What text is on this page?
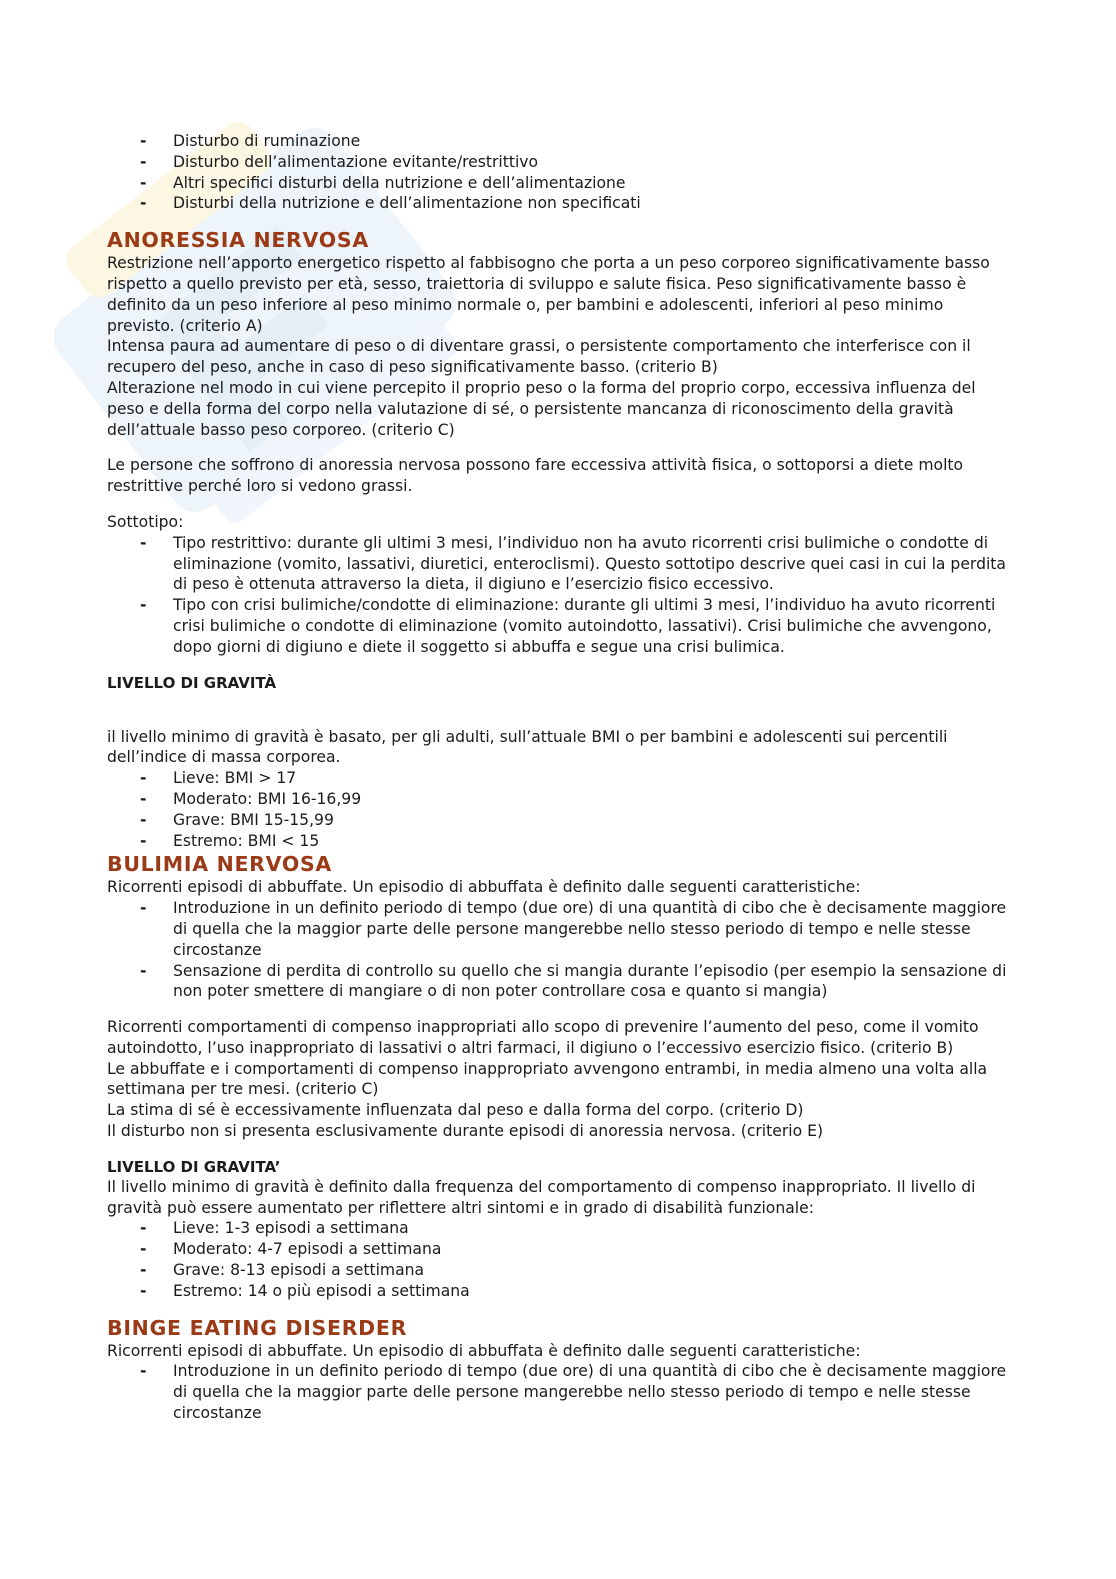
- Disturbo di ruminazione
- Disturbo dell’alimentazione evitante/restrittivo
- Altri specifici disturbi della nutrizione e dell’alimentazione
- Disturbi della nutrizione e dell’alimentazione non specificati
ANORESSIA NERVOSA

Restrizione nell’apporto energetico rispetto al fabbisogno che porta a un peso corporeo significativamente basso rispetto a quello previsto per età, sesso, traiettoria di sviluppo e salute fisica. Peso significativamente basso è definito da un peso inferiore al peso minimo normale o, per bambini e adolescenti, inferiori al peso minimo previsto. (criterio A)

Intensa paura ad aumentare di peso o di diventare grassi, o persistente comportamento che interferisce con il recupero del peso, anche in caso di peso significativamente basso. (criterio B)

Alterazione nel modo in cui viene percepito il proprio peso o la forma del proprio corpo, eccessiva influenza del peso e della forma del corpo nella valutazione di sé, o persistente mancanza di riconoscimento della gravità dell’attuale basso peso corporeo. (criterio C)

Le persone che soffrono di anoressia nervosa possono fare eccessiva attività fisica, o sottoporsi a diete molto restrittive perché loro si vedono grassi.

Sottotipo:

- Tipo restrittivo: durante gli ultimi 3 mesi, l’individuo non ha avuto ricorrenti crisi bulimiche o condotte di eliminazione (vomito, lassativi, diuretici, enteroclismi). Questo sottotipo descrive quei casi in cui la perdita di peso è ottenuta attraverso la dieta, il digiuno e l’esercizio fisico eccessivo.
- Tipo con crisi bulimiche/condotte di eliminazione: durante gli ultimi 3 mesi, l’individuo ha avuto ricorrenti crisi bulimiche o condotte di eliminazione (vomito autoindotto, lassativi). Crisi bulimiche che avvengono, dopo giorni di digiuno e diete il soggetto si abbuffa e segue una crisi bulimica.
LIVELLO DI GRAVITÀ

il livello minimo di gravità è basato, per gli adulti, sull’attuale BMI o per bambini e adolescenti sui percentili dell’indice di massa corporea.

- Lieve: BMI > 17
- Moderato: BMI 16-16,99
- Grave: BMI 15-15,99
- Estremo: BMI < 15
BULIMIA NERVOSA

Ricorrenti episodi di abbuffate. Un episodio di abbuffata è definito dalle seguenti caratteristiche:

- Introduzione in un definito periodo di tempo (due ore) di una quantità di cibo che è decisamente maggiore di quella che la maggior parte delle persone mangerebbe nello stesso periodo di tempo e nelle stesse circostanze
- Sensazione di perdita di controllo su quello che si mangia durante l’episodio (per esempio la sensazione di non poter smettere di mangiare o di non poter controllare cosa e quanto si mangia)

Ricorrenti comportamenti di compenso inappropriati allo scopo di prevenire l’aumento del peso, come il vomito autoindotto, l’uso inappropriato di lassativi o altri farmaci, il digiuno o l’eccessivo esercizio fisico. (criterio B)

Le abbuffate e i comportamenti di compenso inappropriato avvengono entrambi, in media almeno una volta alla settimana per tre mesi. (criterio C)

La stima di sé è eccessivamente influenzata dal peso e dalla forma del corpo. (criterio D)

Il disturbo non si presenta esclusivamente durante episodi di anoressia nervosa. (criterio E)

LIVELLO DI GRAVITA’

Il livello minimo di gravità è definito dalla frequenza del comportamento di compenso inappropriato. Il livello di gravità può essere aumentato per riflettere altri sintomi e in grado di disabilità funzionale:

- Lieve: 1-3 episodi a settimana
- Moderato: 4-7 episodi a settimana
- Grave: 8-13 episodi a settimana
- Estremo: 14 o più episodi a settimana
BINGE EATING DISERDER

Ricorrenti episodi di abbuffate. Un episodio di abbuffata è definito dalle seguenti caratteristiche:

- Introduzione in un definito periodo di tempo (due ore) di una quantità di cibo che è decisamente maggiore di quella che la maggior parte delle persone mangerebbe nello stesso periodo di tempo e nelle stesse circostanze
